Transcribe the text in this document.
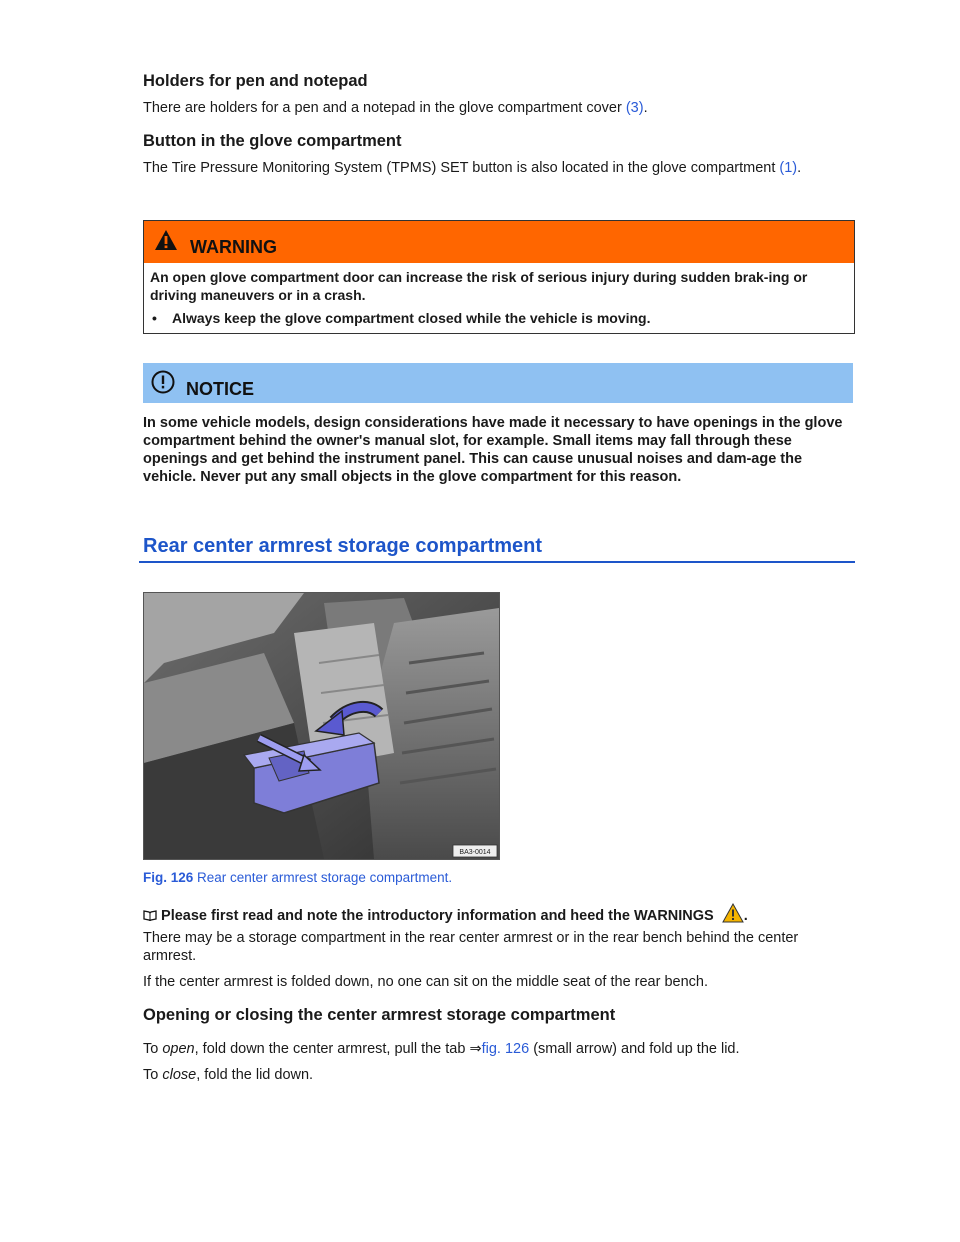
Holders for pen and notepad

There are holders for a pen and a notepad in the glove compartment cover (3).

Button in the glove compartment

The Tire Pressure Monitoring System (TPMS) SET button is also located in the glove compartment (1).

WARNING
An open glove compartment door can increase the risk of serious injury during sudden brak-ing or driving maneuvers or in a crash.
• Always keep the glove compartment closed while the vehicle is moving.
NOTICE
In some vehicle models, design considerations have made it necessary to have openings in the glove compartment behind the owner's manual slot, for example. Small items may fall through these openings and get behind the instrument panel. This can cause unusual noises and dam-age the vehicle. Never put any small objects in the glove compartment for this reason.
Rear center armrest storage compartment
BA3-0014
Fig. 126 Rear center armrest storage compartment.
Please first read and note the introductory information and heed the WARNINGS .

There may be a storage compartment in the rear center armrest or in the rear bench behind the center armrest.

If the center armrest is folded down, no one can sit on the middle seat of the rear bench.

Opening or closing the center armrest storage compartment

To open, fold down the center armrest, pull the tab ⇒fig. 126 (small arrow) and fold up the lid.

To close, fold the lid down.
